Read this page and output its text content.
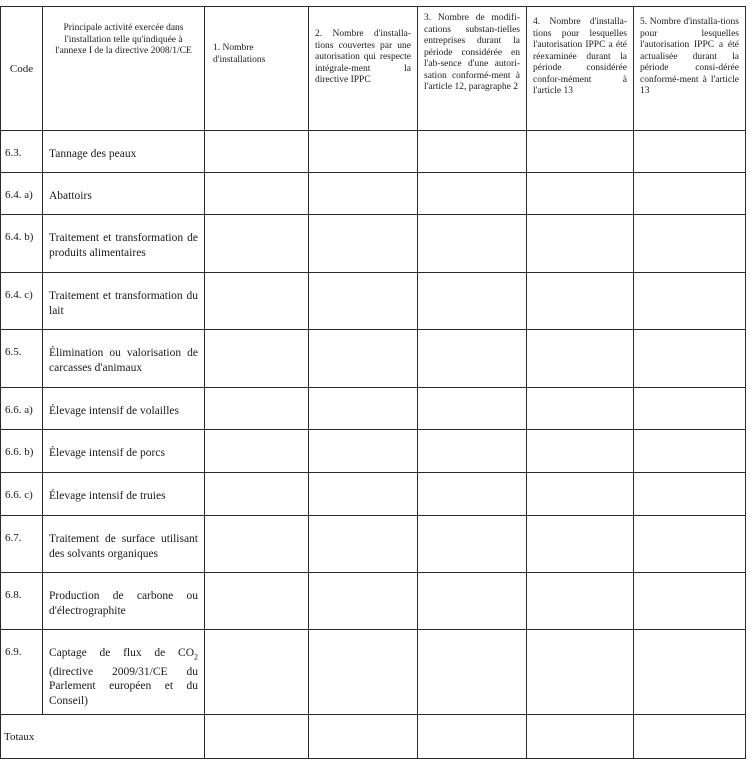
Code	Principale activité exercée dans l'installation telle qu'indiquée à l'annexe I de la directive 2008/1/CE	1. Nombre d'installations	2. Nombre d'installa-tions couvertes par une autorisation qui respecte intégrale-ment la directive IPPC	3. Nombre de modifi-cations substan-tielles entreprises durant la période considérée en l'ab-sence d'une autori-sation conformé-ment à l'article 12, paragraphe 2	4. Nombre d'installa-tions pour lesquelles l'autorisation IPPC a été réexaminée durant la période considérée confor-mément à l'article 13	5. Nombre d'installa-tions pour lesquelles l'autorisation IPPC a été actualisée durant la période consi-dérée conformé-ment à l'article 13
6.3.	Tannage des peaux					
6.4. a)	Abattoirs					
6.4. b)	Traitement et transformation de produits alimentaires					
6.4. c)	Traitement et transformation du lait					
6.5.	Élimination ou valorisation de carcasses d'animaux					
6.6. a)	Élevage intensif de volailles					
6.6. b)	Élevage intensif de porcs					
6.6. c)	Élevage intensif de truies					
6.7.	Traitement de surface utilisant des solvants organiques					
6.8.	Production de carbone ou d'électrographite					
6.9.	Captage de flux de $CO_2$ (directive 2009/31/CE du Parlement européen et du Conseil)					
Totaux						
